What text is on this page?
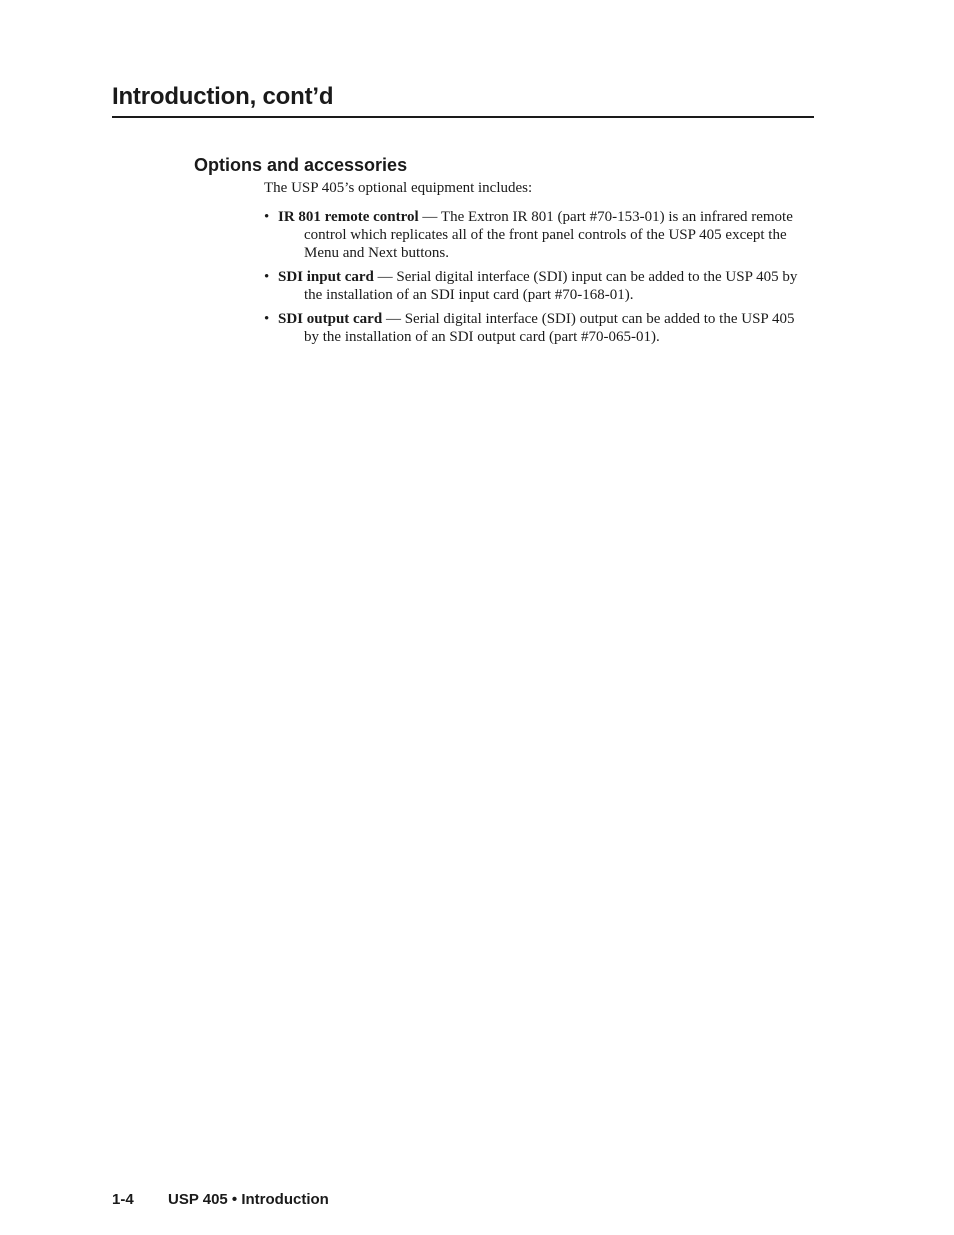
Introduction, cont’d
Options and accessories

The USP 405’s optional equipment includes:

• IR 801 remote control — The Extron IR 801 (part #70-153-01) is an infrared remote control which replicates all of the front panel controls of the USP 405 except the Menu and Next buttons.
• SDI input card — Serial digital interface (SDI) input can be added to the USP 405 by the installation of an SDI input card (part #70-168-01).
• SDI output card — Serial digital interface (SDI) output can be added to the USP 405 by the installation of an SDI output card (part #70-065-01).
1-4 USP 405 • Introduction
